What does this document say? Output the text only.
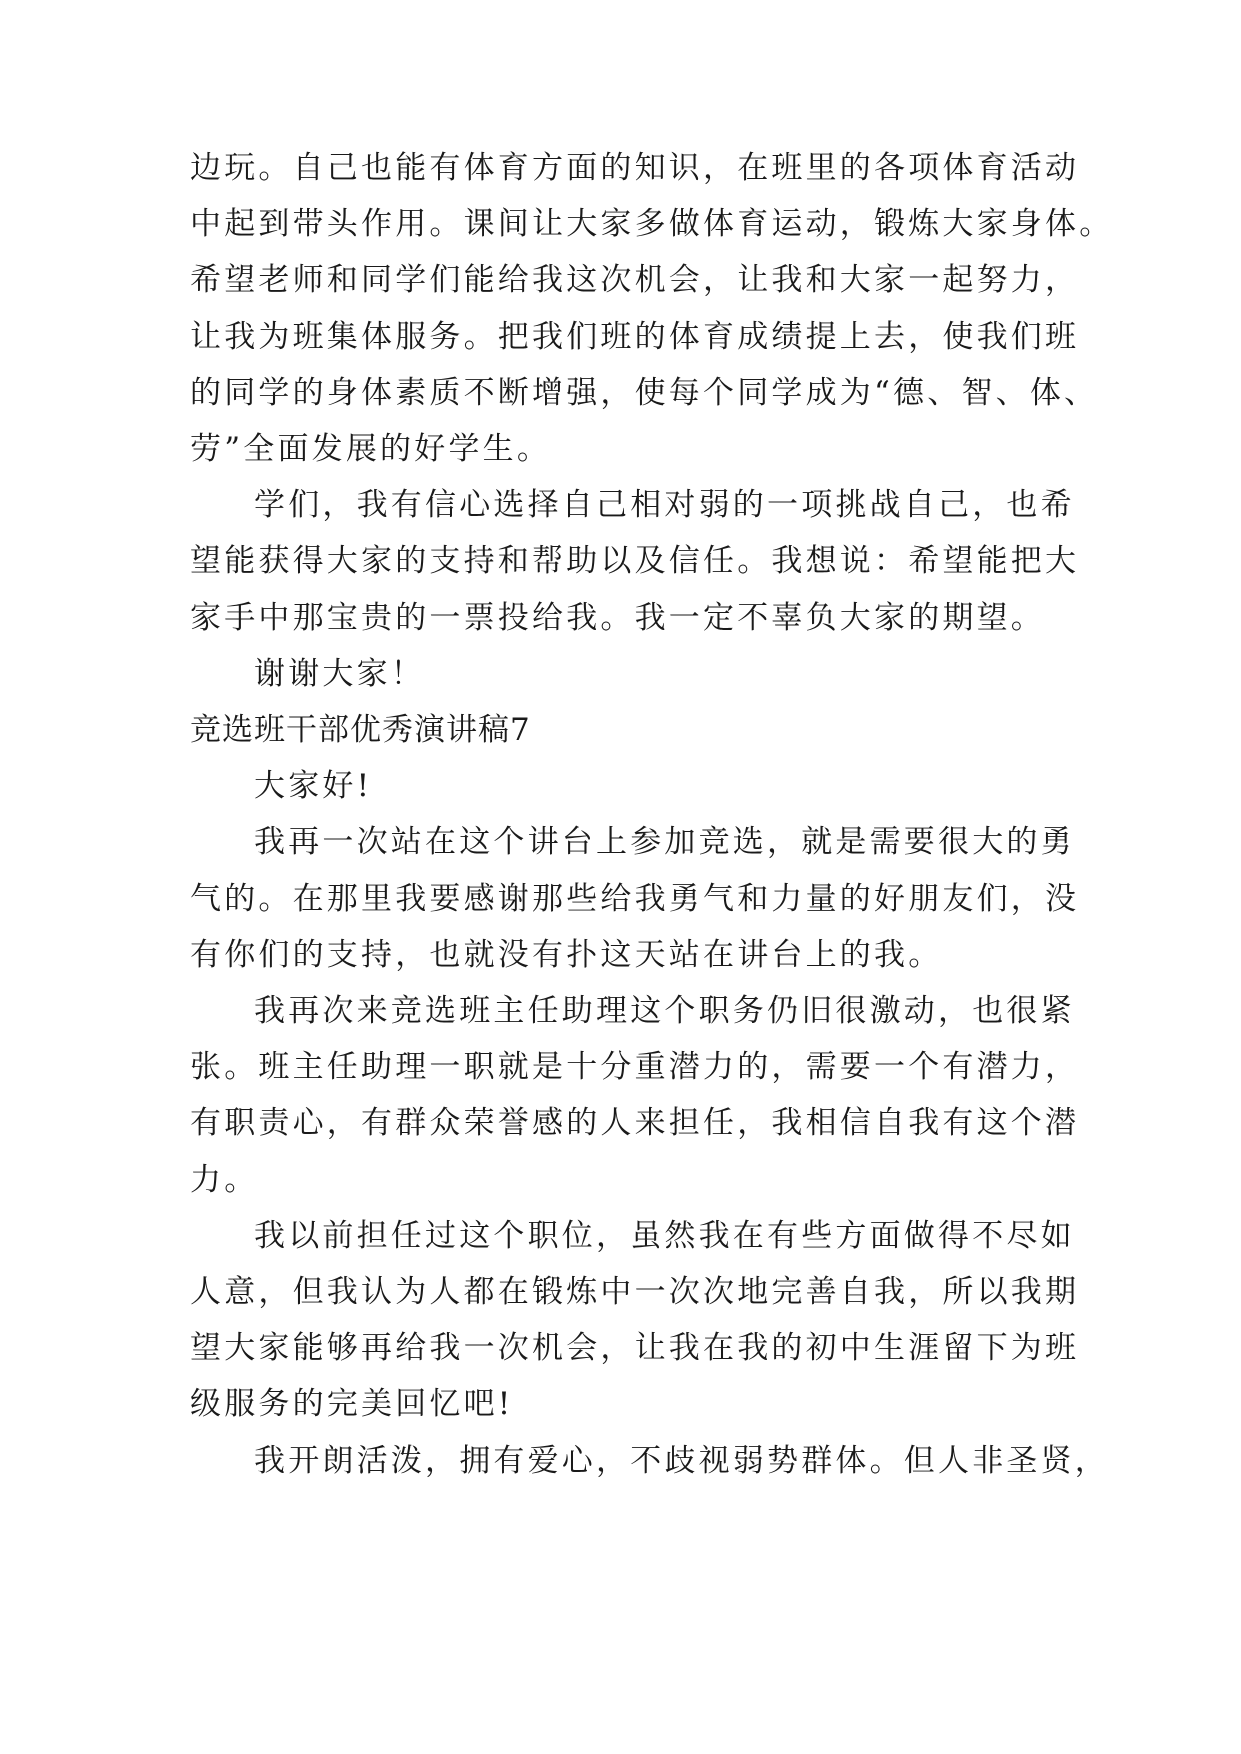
边玩。自己也能有体育方面的知识，在班里的各项体育活动
中起到带头作用。课间让大家多做体育运动，锻炼大家身体。
希望老师和同学们能给我这次机会，让我和大家一起努力，
让我为班集体服务。把我们班的体育成绩提上去，使我们班
的同学的身体素质不断增强，使每个同学成为“德、智、体、
劳”全面发展的好学生。
学们，我有信心选择自己相对弱的一项挑战自己，也希
望能获得大家的支持和帮助以及信任。我想说：希望能把大
家手中那宝贵的一票投给我。我一定不辜负大家的期望。
谢谢大家！
竞选班干部优秀演讲稿7
大家好!
我再一次站在这个讲台上参加竞选，就是需要很大的勇
气的。在那里我要感谢那些给我勇气和力量的好朋友们，没
有你们的支持，也就没有扑这天站在讲台上的我。
我再次来竞选班主任助理这个职务仍旧很激动，也很紧
张。班主任助理一职就是十分重潜力的，需要一个有潜力，
有职责心，有群众荣誉感的人来担任，我相信自我有这个潜
力。
我以前担任过这个职位，虽然我在有些方面做得不尽如
人意，但我认为人都在锻炼中一次次地完善自我，所以我期
望大家能够再给我一次机会，让我在我的初中生涯留下为班
级服务的完美回忆吧!
我开朗活泼，拥有爱心，不歧视弱势群体。但人非圣贤，
